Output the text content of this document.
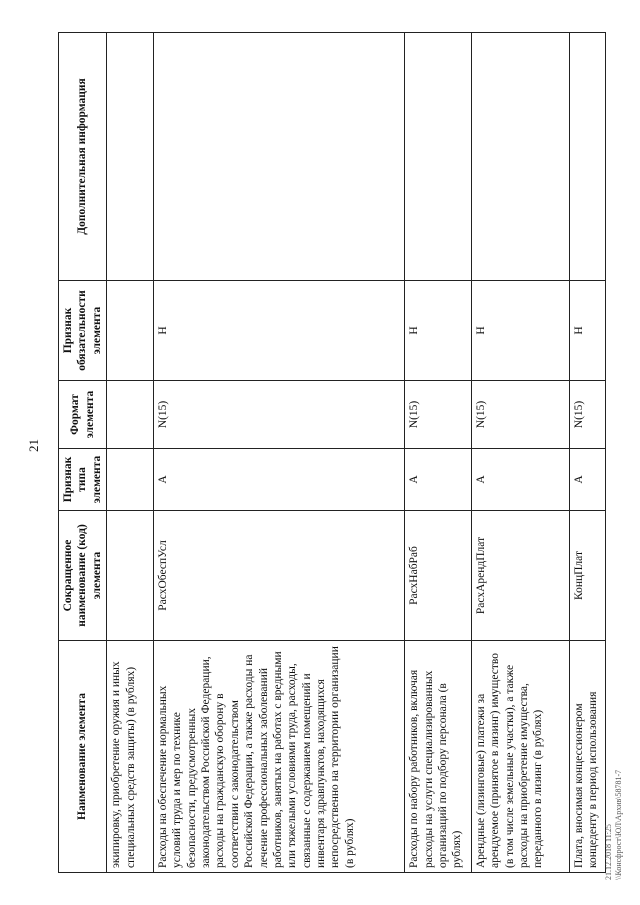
21
Наименование элемента	Сокращенное наименование (код) элемента	Признак типа элемента	Формат элемента	Признак обязательности элемента	Дополнительная информация
экипировку, приобретение оружия и иных специальных средств защиты) (в рублях)					
Расходы на обеспечение нормальных условий труда и мер по технике безопасности, предусмотренных законодательством Российской Федерации, расходы на гражданскую оборону в соответствии с законодательством Российской Федерации, а также расходы на лечение профессиональных заболеваний работников, занятых на работах с вредными или тяжелыми условиями труда, расходы, связанные с содержанием помещений и инвентаря здравпунктов, находящихся непосредственно на территории организации (в рублях)	РасхОбеспУсл	А	N(15)	Н	
Расходы по набору работников, включая расходы на услуги специализированных организаций по подбору персонала (в рублях)	РасхНабРаб	А	N(15)	Н	
Арендные (лизинговые) платежи за арендуемое (принятое в лизинг) имущество (в том числе земельные участки), а также расходы на приобретение имущества, переданного в лизинг (в рублях)	РасхАрендПлат	А	N(15)	Н	
Плата, вносимая концессионером концеденту в период использования	КонцПлат	А	N(15)	Н	
21.12.2018 11:25 \\Консфрост\ЮЛ\Архив\58781-7
